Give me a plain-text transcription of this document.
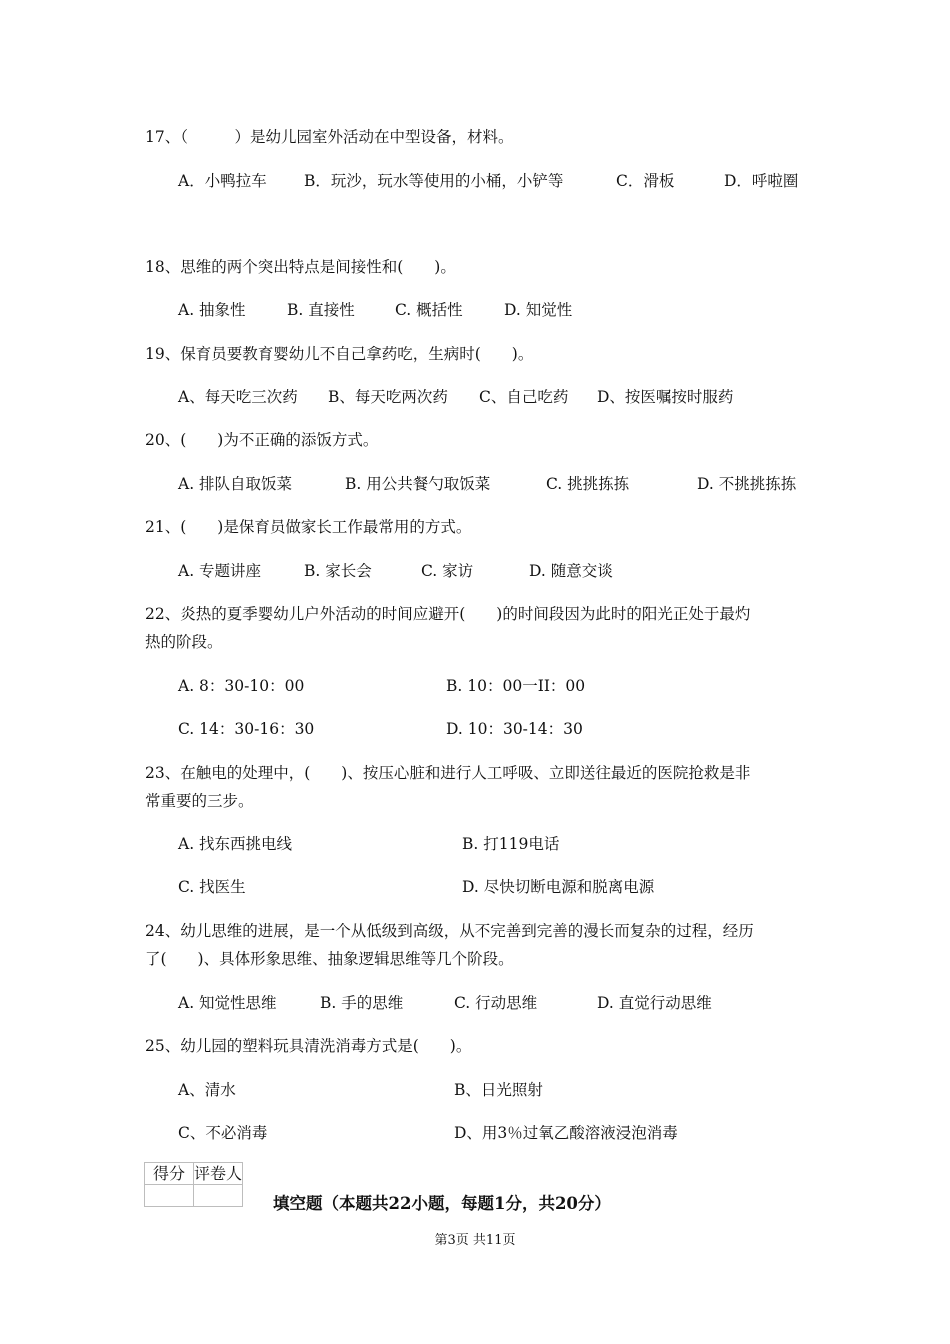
17、（　　　）是幼儿园室外活动在中型设备，材料。
A．小鸭拉车 B．玩沙，玩水等使用的小桶，小铲等	C．滑板	D．呼啦圈
18、思维的两个突出特点是间接性和(　　)。
A. 抽象性	B. 直接性	C. 概括性	D. 知觉性
19、保育员要教育婴幼儿不自己拿药吃，生病时(　　)。
A、每天吃三次药 B、每天吃两次药 C、自己吃药 D、按医嘱按时服药
20、(　　)为不正确的添饭方式。
A. 排队自取饭菜	B. 用公共餐勺取饭菜	C. 挑挑拣拣	D. 不挑挑拣拣
21、(　　)是保育员做家长工作最常用的方式。
A. 专题讲座	B. 家长会	C. 家访	D. 随意交谈
22、炎热的夏季婴幼儿户外活动的时间应避开(　　)的时间段因为此时的阳光正处于最灼
热的阶段。
A. 8：30-10：00	B. 10：00一II：00
C. 14：30-16：30	D. 10：30-14：30
23、在触电的处理中，(　　)、按压心脏和进行人工呼吸、立即送往最近的医院抢救是非
常重要的三步。
A. 找东西挑电线	B. 打119电话
C. 找医生	D. 尽快切断电源和脱离电源
24、幼儿思维的进展，是一个从低级到高级，从不完善到完善的漫长而复杂的过程，经历
了(　　)、具体形象思维、抽象逻辑思维等几个阶段。
A. 知觉性思维	B. 手的思维	C. 行动思维	D. 直觉行动思维
25、幼儿园的塑料玩具清洗消毒方式是(　　)。
A、清水	B、日光照射
C、不必消毒	D、用3％过氧乙酸溶液浸泡消毒
得分	评卷人

填空题（本题共22小题，每题1分，共20分）
第3页 共11页
